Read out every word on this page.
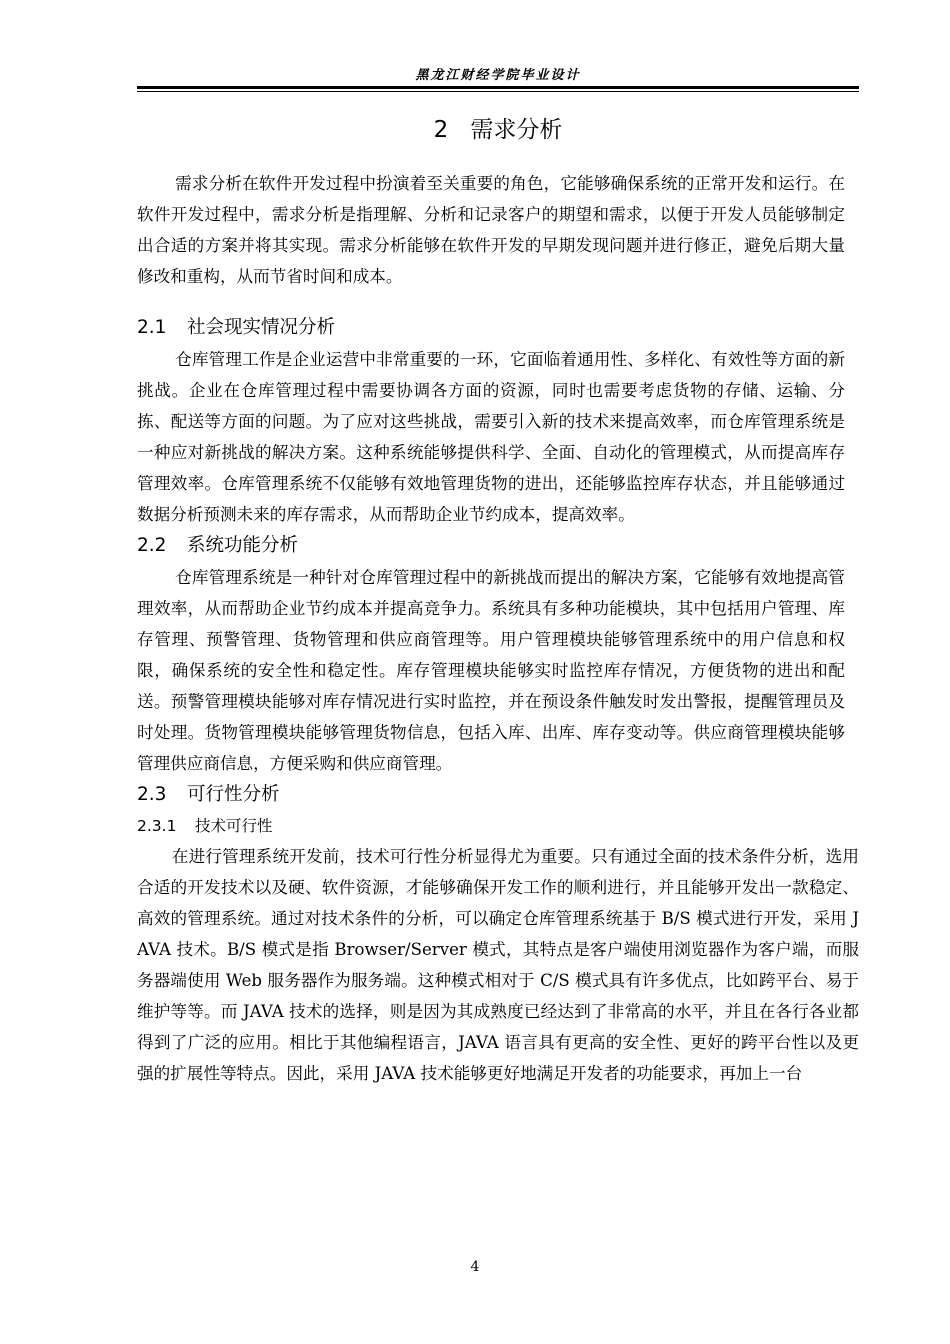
黑龙江财经学院毕业设计
2 需求分析

需求分析在软件开发过程中扮演着至关重要的角色，它能够确保系统的正常开发和运行。在软件开发过程中，需求分析是指理解、分析和记录客户的期望和需求，以便于开发人员能够制定出合适的方案并将其实现。需求分析能够在软件开发的早期发现问题并进行修正，避免后期大量修改和重构，从而节省时间和成本。

2.1 社会现实情况分析

仓库管理工作是企业运营中非常重要的一环，它面临着通用性、多样化、有效性等方面的新挑战。企业在仓库管理过程中需要协调各方面的资源，同时也需要考虑货物的存储、运输、分拣、配送等方面的问题。为了应对这些挑战，需要引入新的技术来提高效率，而仓库管理系统是一种应对新挑战的解决方案。这种系统能够提供科学、全面、自动化的管理模式，从而提高库存管理效率。仓库管理系统不仅能够有效地管理货物的进出，还能够监控库存状态，并且能够通过数据分析预测未来的库存需求，从而帮助企业节约成本，提高效率。

2.2 系统功能分析

仓库管理系统是一种针对仓库管理过程中的新挑战而提出的解决方案，它能够有效地提高管理效率，从而帮助企业节约成本并提高竞争力。系统具有多种功能模块，其中包括用户管理、库存管理、预警管理、货物管理和供应商管理等。用户管理模块能够管理系统中的用户信息和权限，确保系统的安全性和稳定性。库存管理模块能够实时监控库存情况，方便货物的进出和配送。预警管理模块能够对库存情况进行实时监控，并在预设条件触发时发出警报，提醒管理员及时处理。货物管理模块能够管理货物信息，包括入库、出库、库存变动等。供应商管理模块能够管理供应商信息，方便采购和供应商管理。

2.3 可行性分析
2.3.1 技术可行性

在进行管理系统开发前，技术可行性分析显得尤为重要。只有通过全面的技术条件分析，选用合适的开发技术以及硬、软件资源，才能够确保开发工作的顺利进行，并且能够开发出一款稳定、高效的管理系统。通过对技术条件的分析，可以确定仓库管理系统基于 B/S 模式进行开发，采用 JAVA 技术。B/S 模式是指 Browser/Server 模式，其特点是客户端使用浏览器作为客户端，而服务器端使用 Web 服务器作为服务端。这种模式相对于 C/S 模式具有许多优点，比如跨平台、易于维护等等。而 JAVA 技术的选择，则是因为其成熟度已经达到了非常高的水平，并且在各行各业都得到了广泛的应用。相比于其他编程语言，JAVA 语言具有更高的安全性、更好的跨平台性以及更强的扩展性等特点。因此，采用 JAVA 技术能够更好地满足开发者的功能要求，再加上一台

4
